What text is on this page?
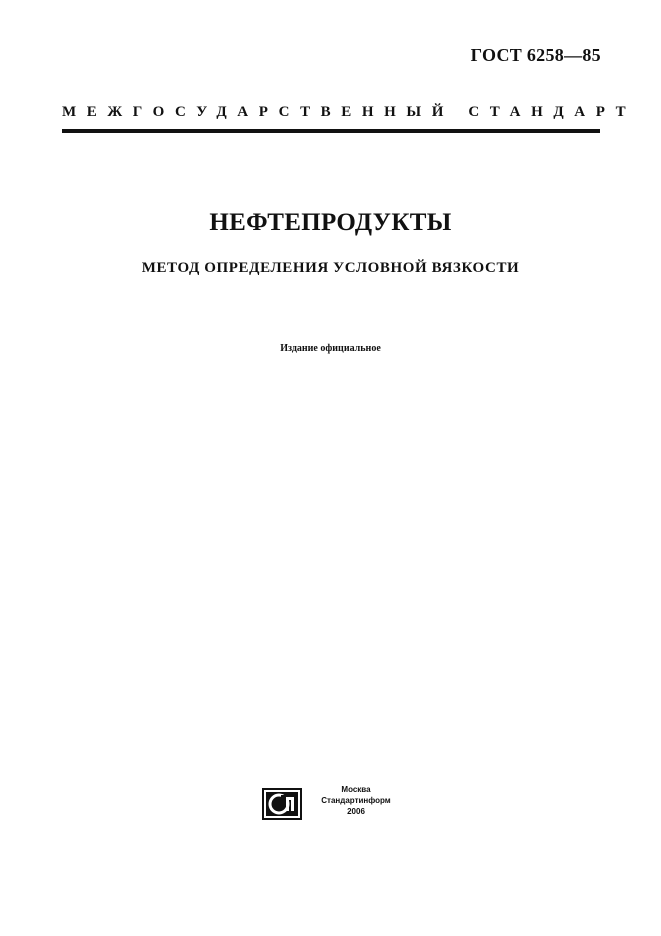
ГОСТ 6258—85
МЕЖГОСУДАРСТВЕННЫЙ СТАНДАРТ
НЕФТЕПРОДУКТЫ
МЕТОД ОПРЕДЕЛЕНИЯ УСЛОВНОЙ ВЯЗКОСТИ
Издание официальное
Москва
Стандартинформ
2006
